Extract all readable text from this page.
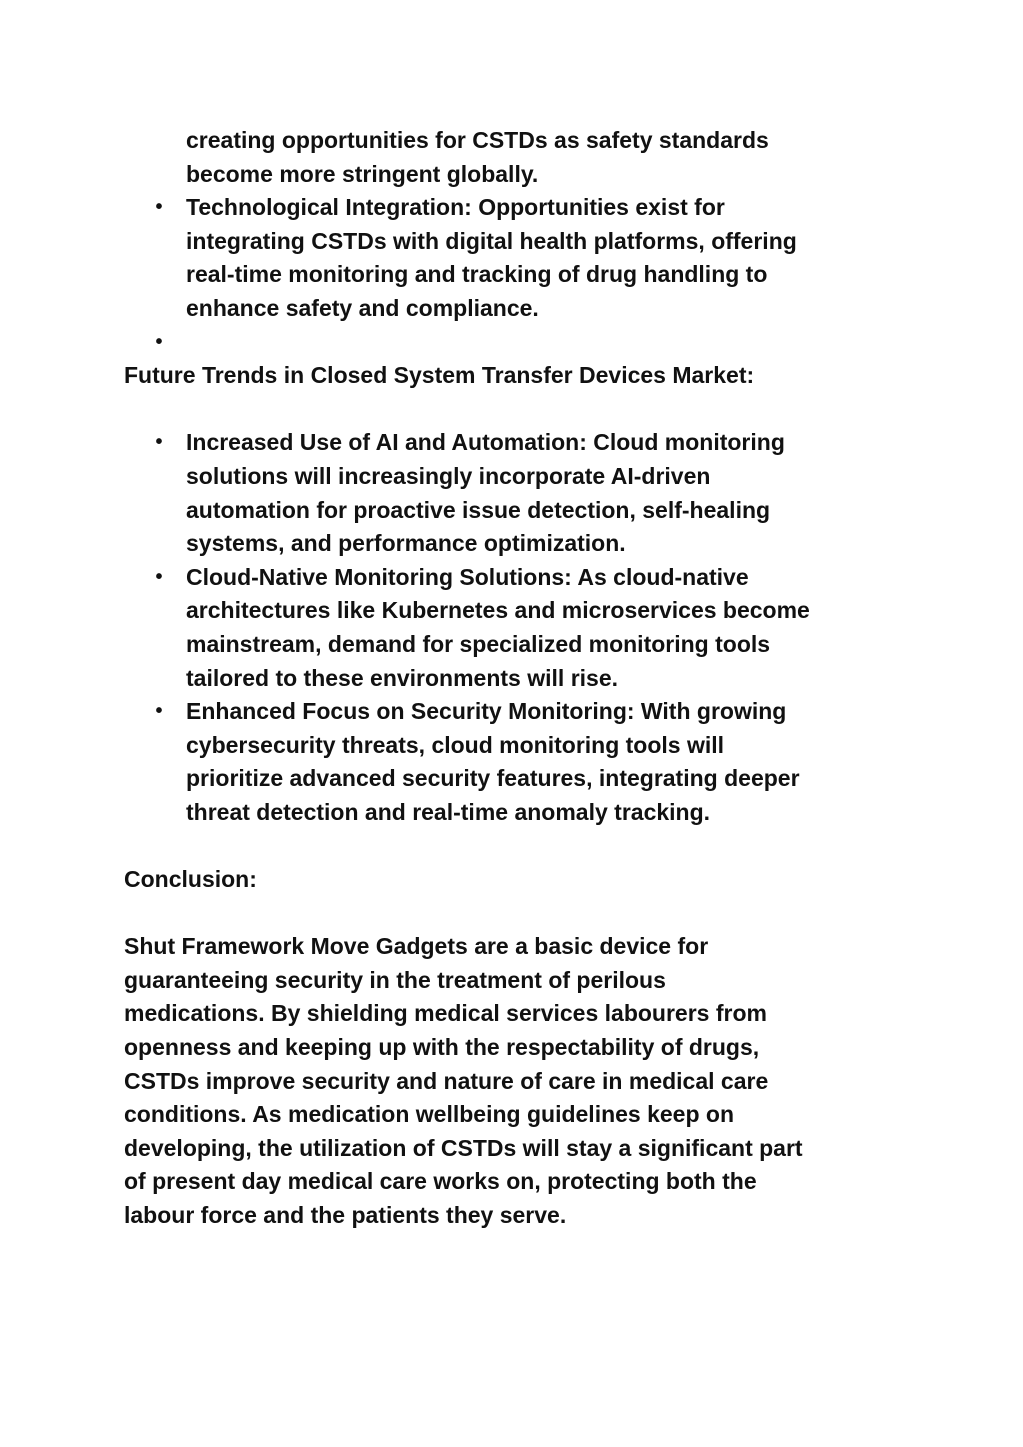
creating opportunities for CSTDs as safety standards
become more stringent globally.
• Technological Integration: Opportunities exist for
integrating CSTDs with digital health platforms, offering
real-time monitoring and tracking of drug handling to
enhance safety and compliance.
•
Future Trends in Closed System Transfer Devices Market:
• Increased Use of AI and Automation: Cloud monitoring
solutions will increasingly incorporate AI-driven
automation for proactive issue detection, self-healing
systems, and performance optimization.
• Cloud-Native Monitoring Solutions: As cloud-native
architectures like Kubernetes and microservices become
mainstream, demand for specialized monitoring tools
tailored to these environments will rise.
• Enhanced Focus on Security Monitoring: With growing
cybersecurity threats, cloud monitoring tools will
prioritize advanced security features, integrating deeper
threat detection and real-time anomaly tracking.
Conclusion:
Shut Framework Move Gadgets are a basic device for
guaranteeing security in the treatment of perilous
medications. By shielding medical services labourers from
openness and keeping up with the respectability of drugs,
CSTDs improve security and nature of care in medical care
conditions. As medication wellbeing guidelines keep on
developing, the utilization of CSTDs will stay a significant part
of present day medical care works on, protecting both the
labour force and the patients they serve.
